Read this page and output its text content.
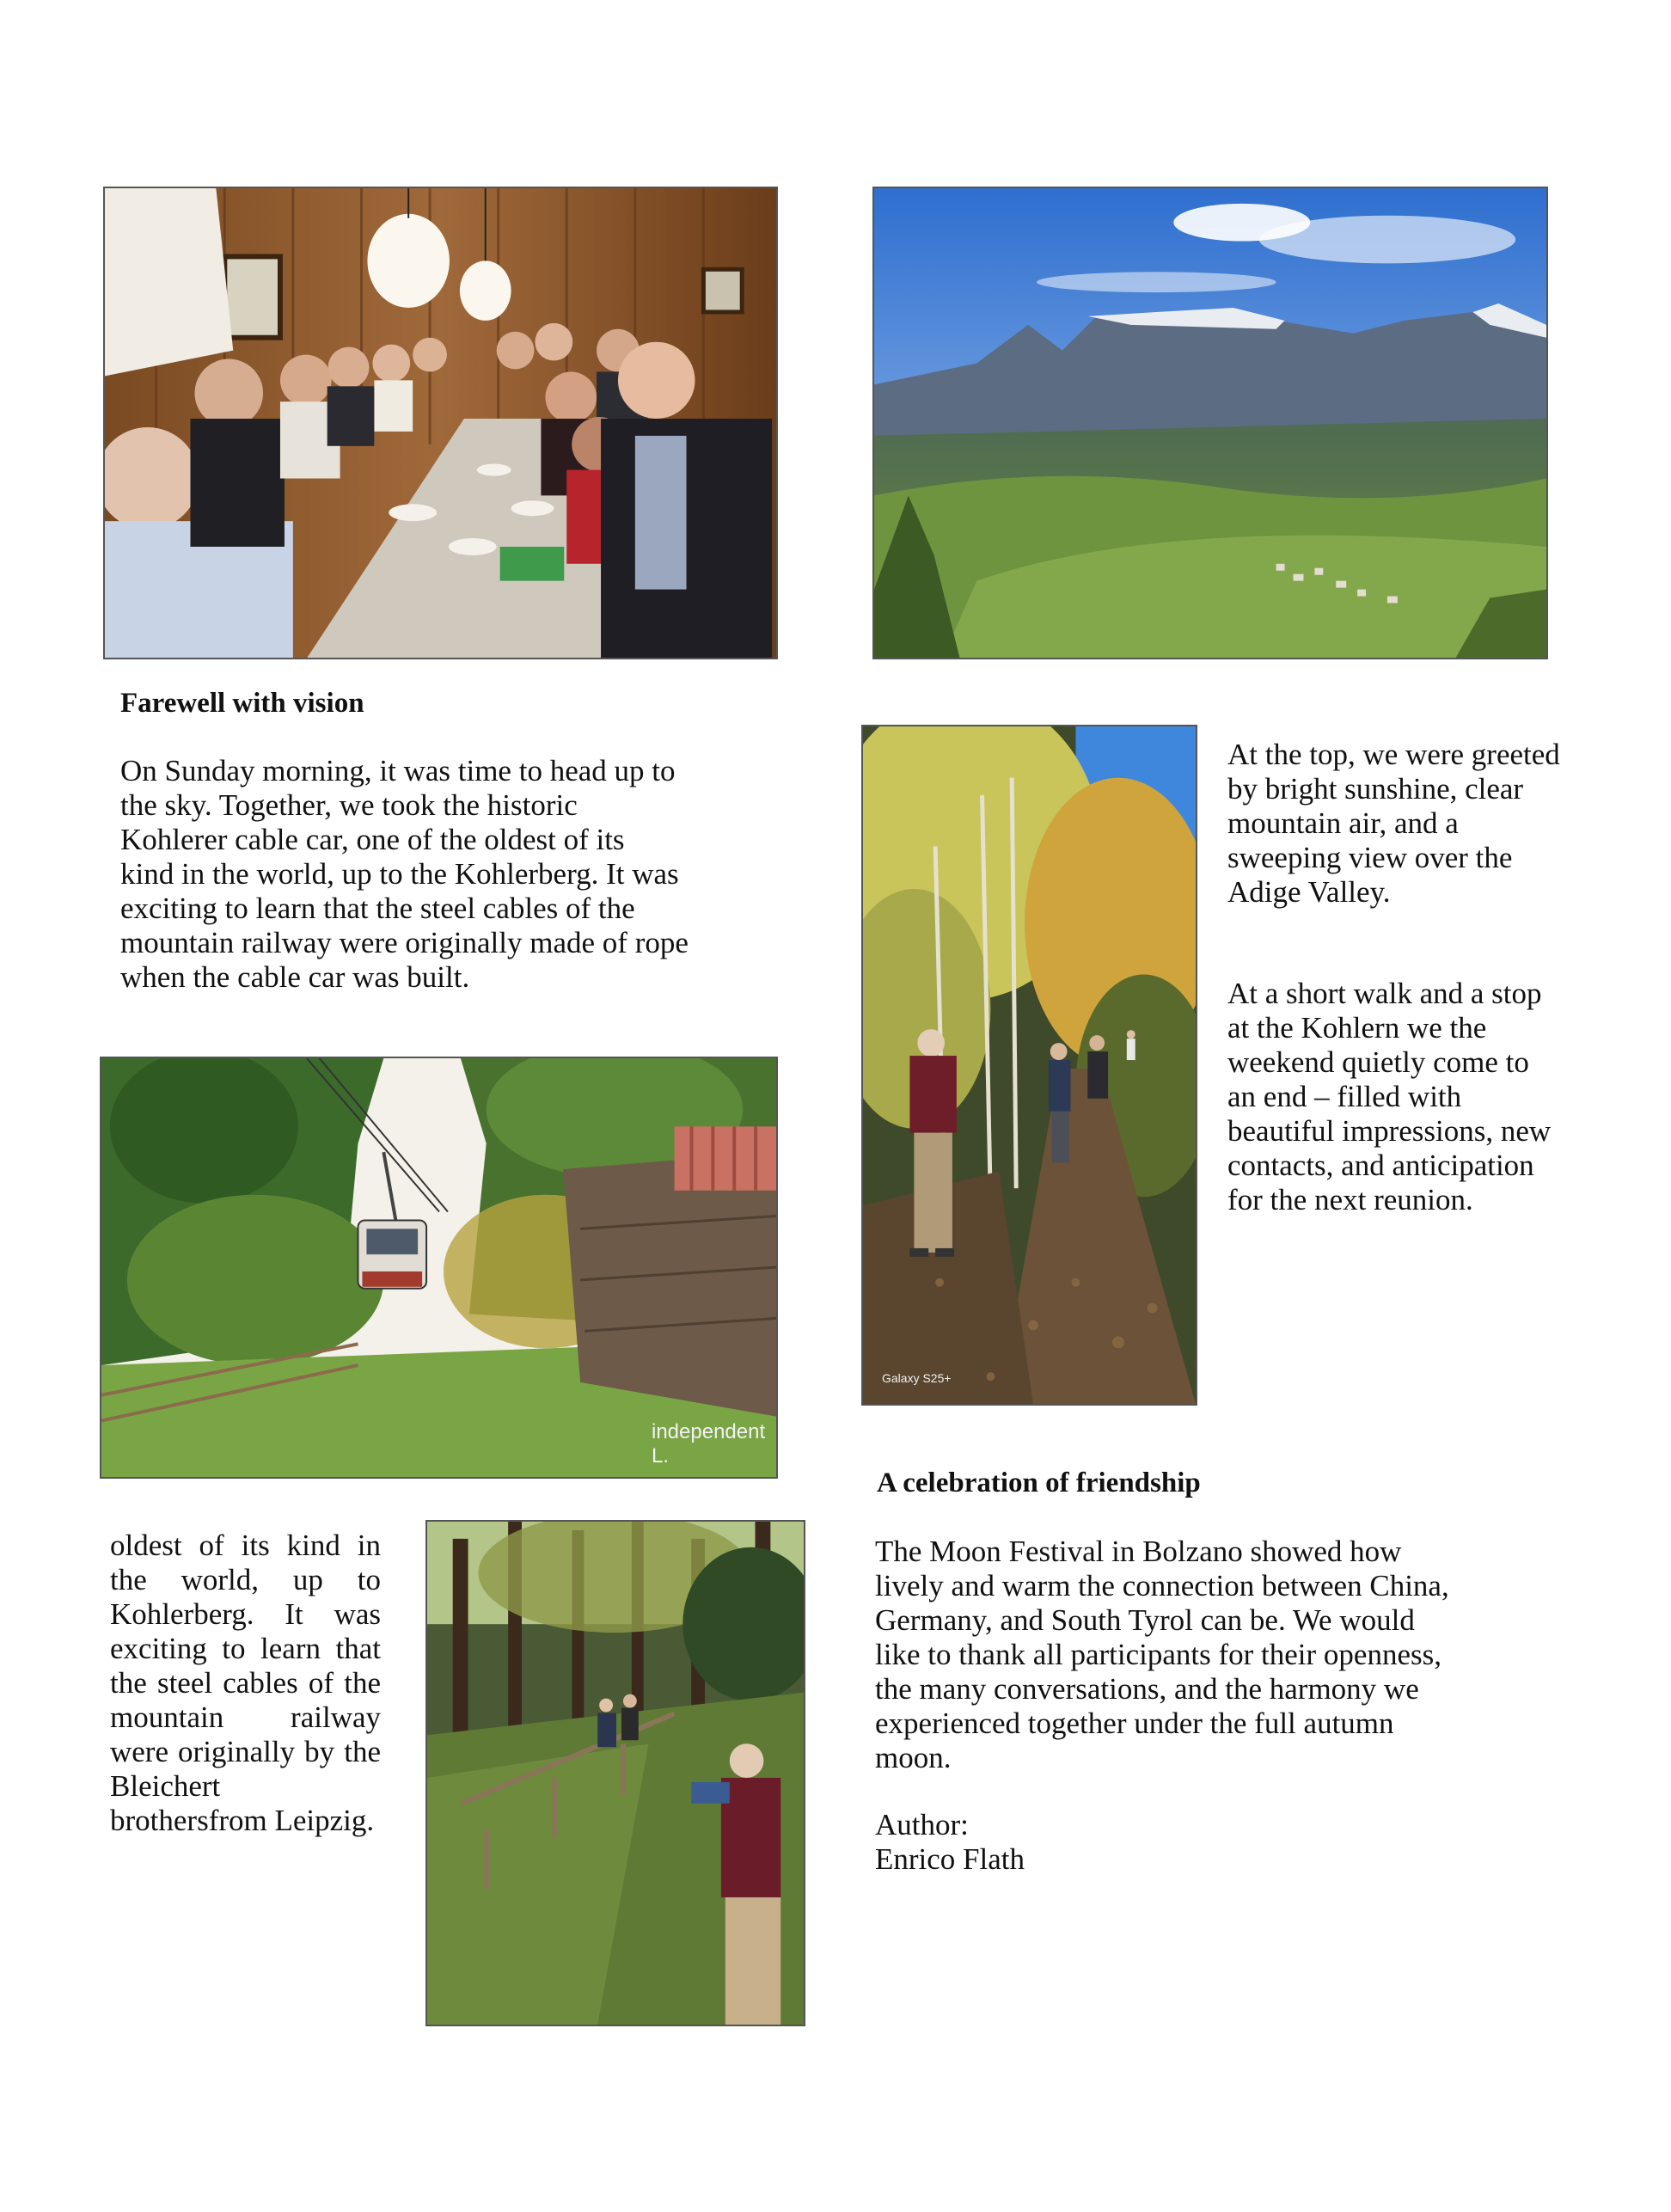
Farewell with vision

On Sunday morning, it was time to head up to
the sky. Together, we took the historic
Kohlerer cable car, one of the oldest of its
kind in the world, up to the Kohlerberg. It was
exciting to learn that the steel cables of the
mountain railway were originally made of rope
when the cable car was built.

Galaxy S25+

At the top, we were greeted
by bright sunshine, clear
mountain air, and a
sweeping view over the
Adige Valley.

At a short walk and a stop
at the Kohlern we the
weekend quietly come to
an end – filled with
beautiful impressions, new
contacts, and anticipation
for the next reunion.

independent L.

oldest of its kind in the world, up to Kohlerberg. It was exciting to learn that the steel cables of the mountain railway were originally by the Bleichert brothersfrom Leipzig.

A celebration of friendship

The Moon Festival in Bolzano showed how
lively and warm the connection between China,
Germany, and South Tyrol can be. We would
like to thank all participants for their openness,
the many conversations, and the harmony we
experienced together under the full autumn
moon.

Author:

Enrico Flath
